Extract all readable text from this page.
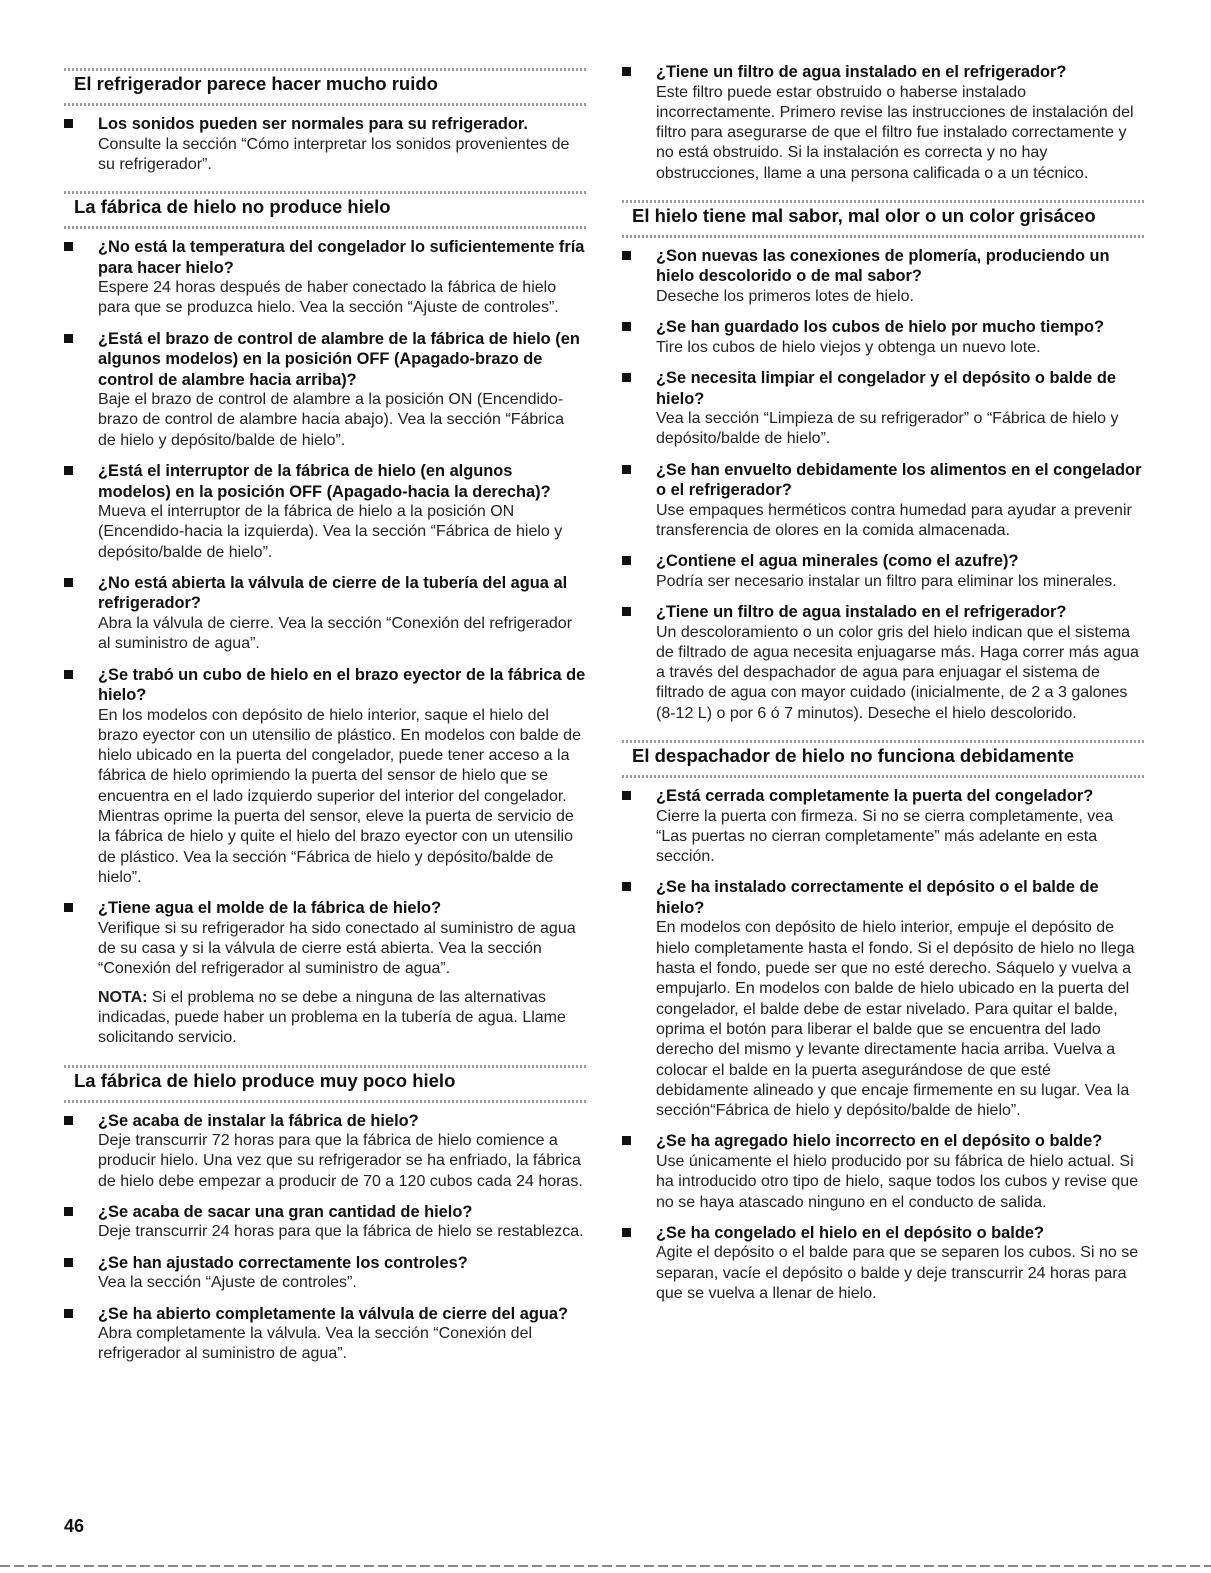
El refrigerador parece hacer mucho ruido
Los sonidos pueden ser normales para su refrigerador.
Consulte la sección “Cómo interpretar los sonidos provenientes de su refrigerador”.
La fábrica de hielo no produce hielo
¿No está la temperatura del congelador lo suficientemente fría para hacer hielo?
Espere 24 horas después de haber conectado la fábrica de hielo para que se produzca hielo. Vea la sección “Ajuste de controles”.
¿Está el brazo de control de alambre de la fábrica de hielo (en algunos modelos) en la posición OFF (Apagado-brazo de control de alambre hacia arriba)?
Baje el brazo de control de alambre a la posición ON (Encendido-brazo de control de alambre hacia abajo). Vea la sección “Fábrica de hielo y depósito/balde de hielo”.
¿Está el interruptor de la fábrica de hielo (en algunos modelos) en la posición OFF (Apagado-hacia la derecha)?
Mueva el interruptor de la fábrica de hielo a la posición ON (Encendido-hacia la izquierda). Vea la sección “Fábrica de hielo y depósito/balde de hielo”.
¿No está abierta la válvula de cierre de la tubería del agua al refrigerador?
Abra la válvula de cierre. Vea la sección “Conexión del refrigerador al suministro de agua”.
¿Se trabó un cubo de hielo en el brazo eyector de la fábrica de hielo?
En los modelos con depósito de hielo interior, saque el hielo del brazo eyector con un utensilio de plástico. En modelos con balde de hielo ubicado en la puerta del congelador, puede tener acceso a la fábrica de hielo oprimiendo la puerta del sensor de hielo que se encuentra en el lado izquierdo superior del interior del congelador. Mientras oprime la puerta del sensor, eleve la puerta de servicio de la fábrica de hielo y quite el hielo del brazo eyector con un utensilio de plástico. Vea la sección “Fábrica de hielo y depósito/balde de hielo”.
¿Tiene agua el molde de la fábrica de hielo?
Verifique si su refrigerador ha sido conectado al suministro de agua de su casa y si la válvula de cierre está abierta. Vea la sección “Conexión del refrigerador al suministro de agua”.
NOTA: Si el problema no se debe a ninguna de las alternativas indicadas, puede haber un problema en la tubería de agua. Llame solicitando servicio.
La fábrica de hielo produce muy poco hielo
¿Se acaba de instalar la fábrica de hielo?
Deje transcurrir 72 horas para que la fábrica de hielo comience a producir hielo. Una vez que su refrigerador se ha enfriado, la fábrica de hielo debe empezar a producir de 70 a 120 cubos cada 24 horas.
¿Se acaba de sacar una gran cantidad de hielo?
Deje transcurrir 24 horas para que la fábrica de hielo se restablezca.
¿Se han ajustado correctamente los controles?
Vea la sección “Ajuste de controles”.
¿Se ha abierto completamente la válvula de cierre del agua?
Abra completamente la válvula. Vea la sección “Conexión del refrigerador al suministro de agua”.
¿Tiene un filtro de agua instalado en el refrigerador?
Este filtro puede estar obstruido o haberse instalado incorrectamente. Primero revise las instrucciones de instalación del filtro para asegurarse de que el filtro fue instalado correctamente y no está obstruido. Si la instalación es correcta y no hay obstrucciones, llame a una persona calificada o a un técnico.
El hielo tiene mal sabor, mal olor o un color grisáceo
¿Son nuevas las conexiones de plomería, produciendo un hielo descolorido o de mal sabor?
Deseche los primeros lotes de hielo.
¿Se han guardado los cubos de hielo por mucho tiempo?
Tire los cubos de hielo viejos y obtenga un nuevo lote.
¿Se necesita limpiar el congelador y el depósito o balde de hielo?
Vea la sección “Limpieza de su refrigerador” o “Fábrica de hielo y depósito/balde de hielo”.
¿Se han envuelto debidamente los alimentos en el congelador o el refrigerador?
Use empaques herméticos contra humedad para ayudar a prevenir transferencia de olores en la comida almacenada.
¿Contiene el agua minerales (como el azufre)?
Podría ser necesario instalar un filtro para eliminar los minerales.
¿Tiene un filtro de agua instalado en el refrigerador?
Un descoloramiento o un color gris del hielo indican que el sistema de filtrado de agua necesita enjuagarse más. Haga correr más agua a través del despachador de agua para enjuagar el sistema de filtrado de agua con mayor cuidado (inicialmente, de 2 a 3 galones (8-12 L) o por 6 ó 7 minutos). Deseche el hielo descolorido.
El despachador de hielo no funciona debidamente
¿Está cerrada completamente la puerta del congelador?
Cierre la puerta con firmeza. Si no se cierra completamente, vea “Las puertas no cierran completamente” más adelante en esta sección.
¿Se ha instalado correctamente el depósito o el balde de hielo?
En modelos con depósito de hielo interior, empuje el depósito de hielo completamente hasta el fondo. Si el depósito de hielo no llega hasta el fondo, puede ser que no esté derecho. Sáquelo y vuelva a empujarlo. En modelos con balde de hielo ubicado en la puerta del congelador, el balde debe de estar nivelado. Para quitar el balde, oprima el botón para liberar el balde que se encuentra del lado derecho del mismo y levante directamente hacia arriba. Vuelva a colocar el balde en la puerta asegurándose de que esté debidamente alineado y que encaje firmemente en su lugar. Vea la sección“Fábrica de hielo y depósito/balde de hielo”.
¿Se ha agregado hielo incorrecto en el depósito o balde?
Use únicamente el hielo producido por su fábrica de hielo actual. Si ha introducido otro tipo de hielo, saque todos los cubos y revise que no se haya atascado ninguno en el conducto de salida.
¿Se ha congelado el hielo en el depósito o balde?
Agite el depósito o el balde para que se separen los cubos. Si no se separan, vacíe el depósito o balde y deje transcurrir 24 horas para que se vuelva a llenar de hielo.
46
